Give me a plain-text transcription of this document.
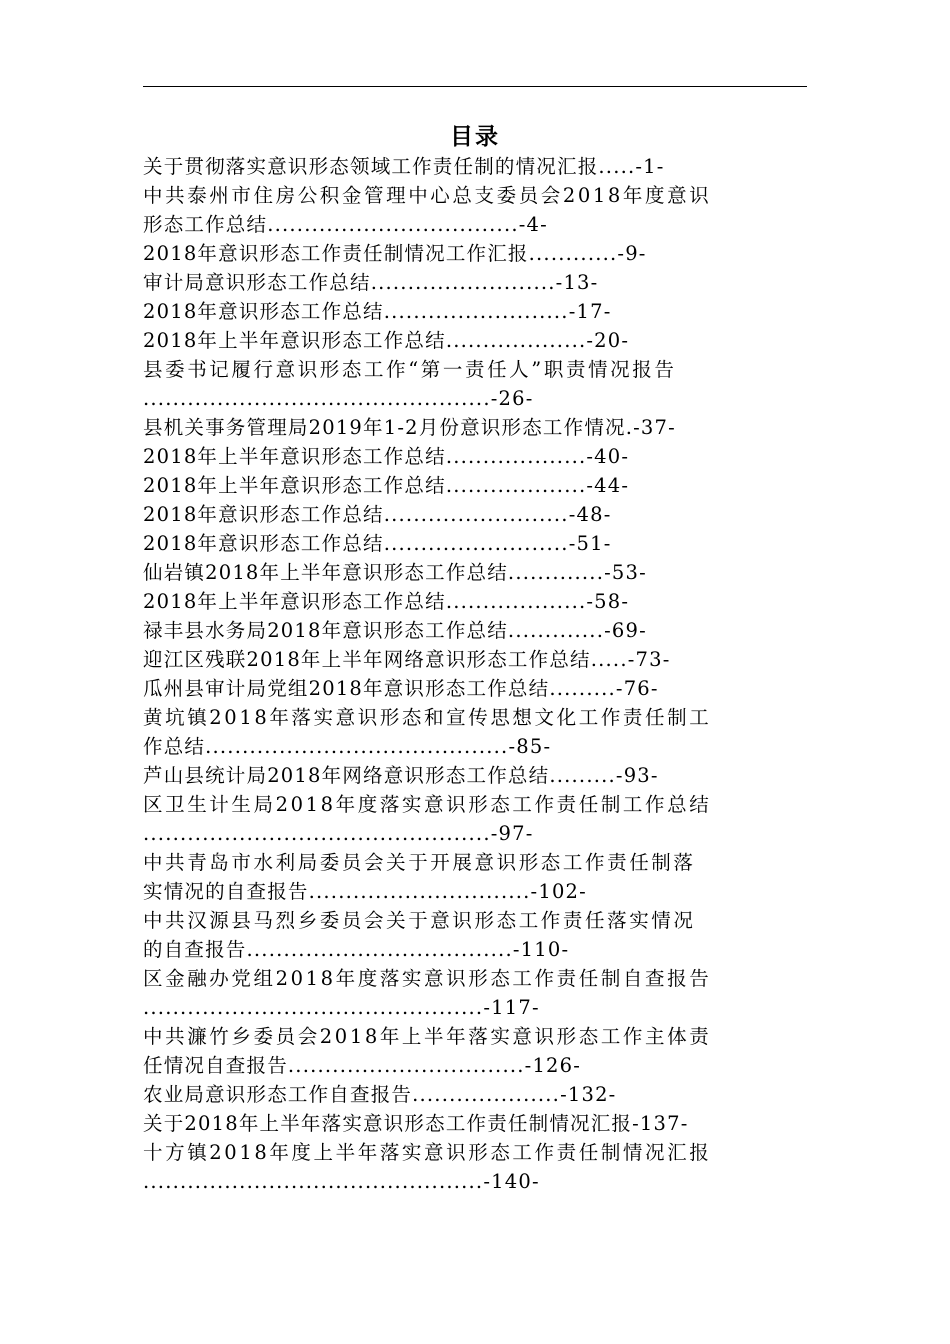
目录
关于贯彻落实意识形态领域工作责任制的情况汇报.....-1-
中共泰州市住房公积金管理中心总支委员会2018年度意识
形态工作总结..................................-4-
2018年意识形态工作责任制情况工作汇报............-9-
审计局意识形态工作总结.........................-13-
2018年意识形态工作总结.........................-17-
2018年上半年意识形态工作总结...................-20-
县委书记履行意识形态工作“第一责任人”职责情况报告
...............................................-26-
县机关事务管理局2019年1-2月份意识形态工作情况.-37-
2018年上半年意识形态工作总结...................-40-
2018年上半年意识形态工作总结...................-44-
2018年意识形态工作总结.........................-48-
2018年意识形态工作总结.........................-51-
仙岩镇2018年上半年意识形态工作总结.............-53-
2018年上半年意识形态工作总结...................-58-
禄丰县水务局2018年意识形态工作总结.............-69-
迎江区残联2018年上半年网络意识形态工作总结.....-73-
瓜州县审计局党组2018年意识形态工作总结.........-76-
黄坑镇2018年落实意识形态和宣传思想文化工作责任制工
作总结.........................................-85-
芦山县统计局2018年网络意识形态工作总结.........-93-
区卫生计生局2018年度落实意识形态工作责任制工作总结
...............................................-97-
中共青岛市水利局委员会关于开展意识形态工作责任制落
实情况的自查报告..............................-102-
中共汉源县马烈乡委员会关于意识形态工作责任落实情况
的自查报告....................................-110-
区金融办党组2018年度落实意识形态工作责任制自查报告
..............................................-117-
中共濂竹乡委员会2018年上半年落实意识形态工作主体责
任情况自查报告................................-126-
农业局意识形态工作自查报告....................-132-
关于2018年上半年落实意识形态工作责任制情况汇报-137-
十方镇2018年度上半年落实意识形态工作责任制情况汇报
..............................................-140-
